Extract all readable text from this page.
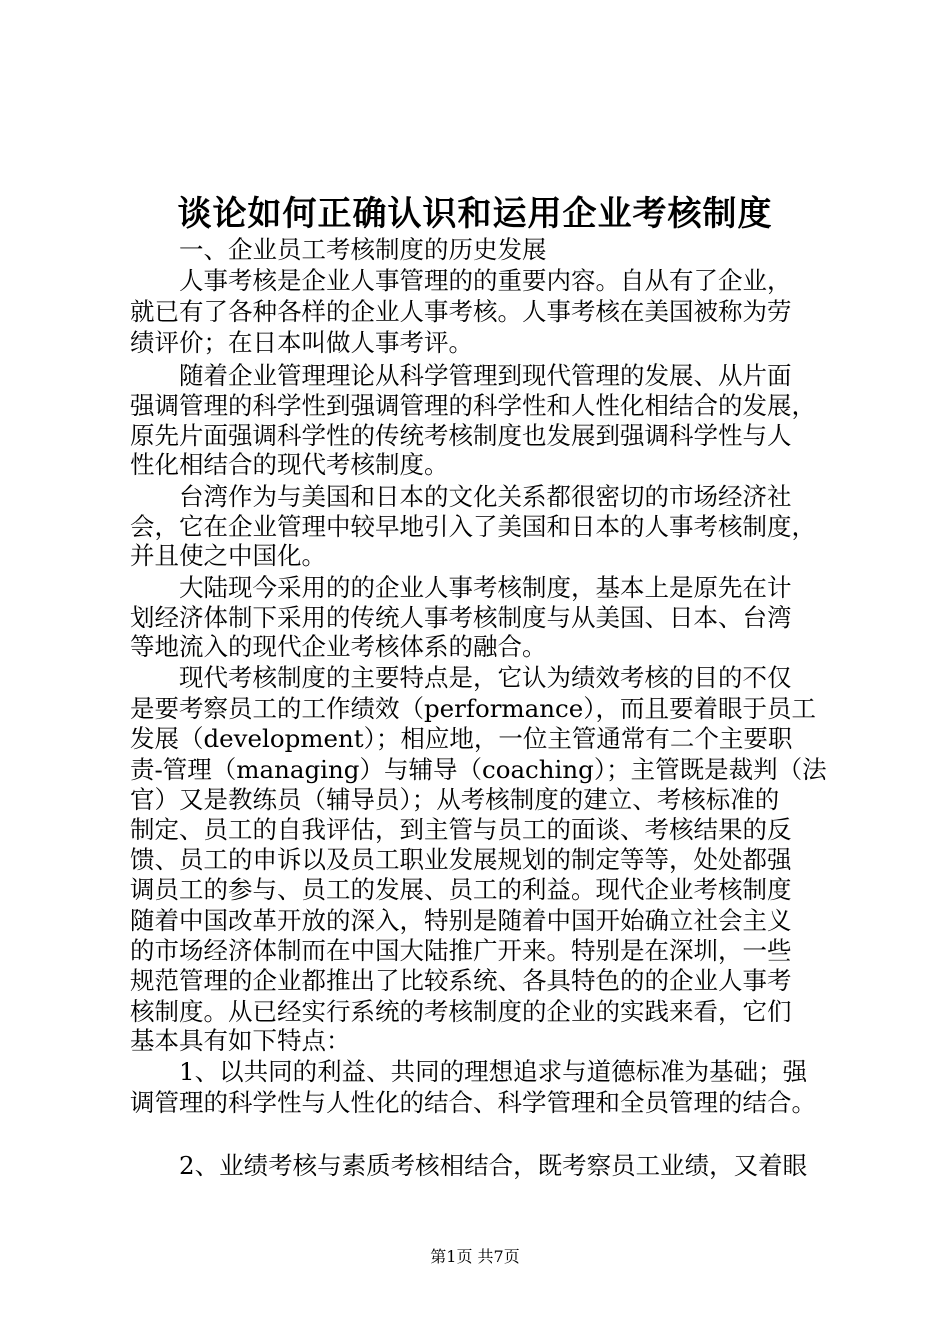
谈论如何正确认识和运用企业考核制度
　　一、企业员工考核制度的历史发展
　　人事考核是企业人事管理的的重要内容。自从有了企业，
就已有了各种各样的企业人事考核。人事考核在美国被称为劳
绩评价；在日本叫做人事考评。
　　随着企业管理理论从科学管理到现代管理的发展、从片面
强调管理的科学性到强调管理的科学性和人性化相结合的发展，
原先片面强调科学性的传统考核制度也发展到强调科学性与人
性化相结合的现代考核制度。
　　台湾作为与美国和日本的文化关系都很密切的市场经济社
会，它在企业管理中较早地引入了美国和日本的人事考核制度，
并且使之中国化。
　　大陆现今采用的的企业人事考核制度，基本上是原先在计
划经济体制下采用的传统人事考核制度与从美国、日本、台湾
等地流入的现代企业考核体系的融合。
　　现代考核制度的主要特点是，它认为绩效考核的目的不仅
是要考察员工的工作绩效（performance），而且要着眼于员工
发展（development）；相应地，一位主管通常有二个主要职
责-管理（managing）与辅导（coaching）；主管既是裁判（法
官）又是教练员（辅导员）；从考核制度的建立、考核标准的
制定、员工的自我评估，到主管与员工的面谈、考核结果的反
馈、员工的申诉以及员工职业发展规划的制定等等，处处都强
调员工的参与、员工的发展、员工的利益。现代企业考核制度
随着中国改革开放的深入，特别是随着中国开始确立社会主义
的市场经济体制而在中国大陆推广开来。特别是在深圳，一些
规范管理的企业都推出了比较系统、各具特色的的企业人事考
核制度。从已经实行系统的考核制度的企业的实践来看，它们
基本具有如下特点：
　　1、以共同的利益、共同的理想追求与道德标准为基础；强
调管理的科学性与人性化的结合、科学管理和全员管理的结合。
　　2、业绩考核与素质考核相结合，既考察员工业绩，又着眼
第1页 共7页
